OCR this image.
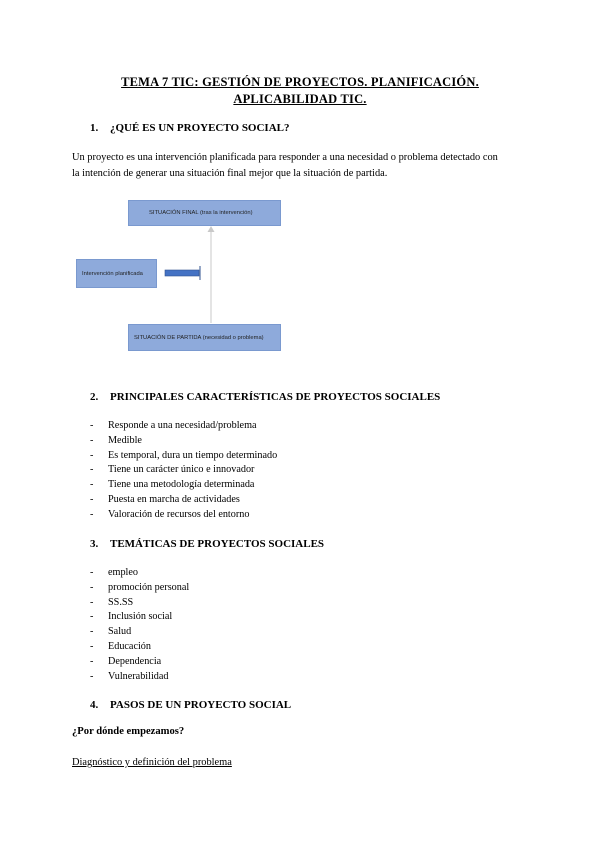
TEMA 7 TIC: GESTIÓN DE PROYECTOS. PLANIFICACIÓN.
APLICABILIDAD TIC.
1. ¿QUÉ ES UN PROYECTO SOCIAL?
Un proyecto es una intervención planificada para responder a una necesidad o problema detectado con
la intención de generar una situación final mejor que la situación de partida.
SITUACIÓN FINAL (tras la intervención)
Intervención planificada
SITUACIÓN DE PARTIDA (necesidad o problema)
2. PRINCIPALES CARACTERÍSTICAS DE PROYECTOS SOCIALES
- Responde a una necesidad/problema
- Medible
- Es temporal, dura un tiempo determinado
- Tiene un carácter único e innovador
- Tiene una metodología determinada
- Puesta en marcha de actividades
- Valoración de recursos del entorno
3. TEMÁTICAS DE PROYECTOS SOCIALES
- empleo
- promoción personal
- SS.SS
- Inclusión social
- Salud
- Educación
- Dependencia
- Vulnerabilidad
4. PASOS DE UN PROYECTO SOCIAL
¿Por dónde empezamos?
Diagnóstico y definición del problema
